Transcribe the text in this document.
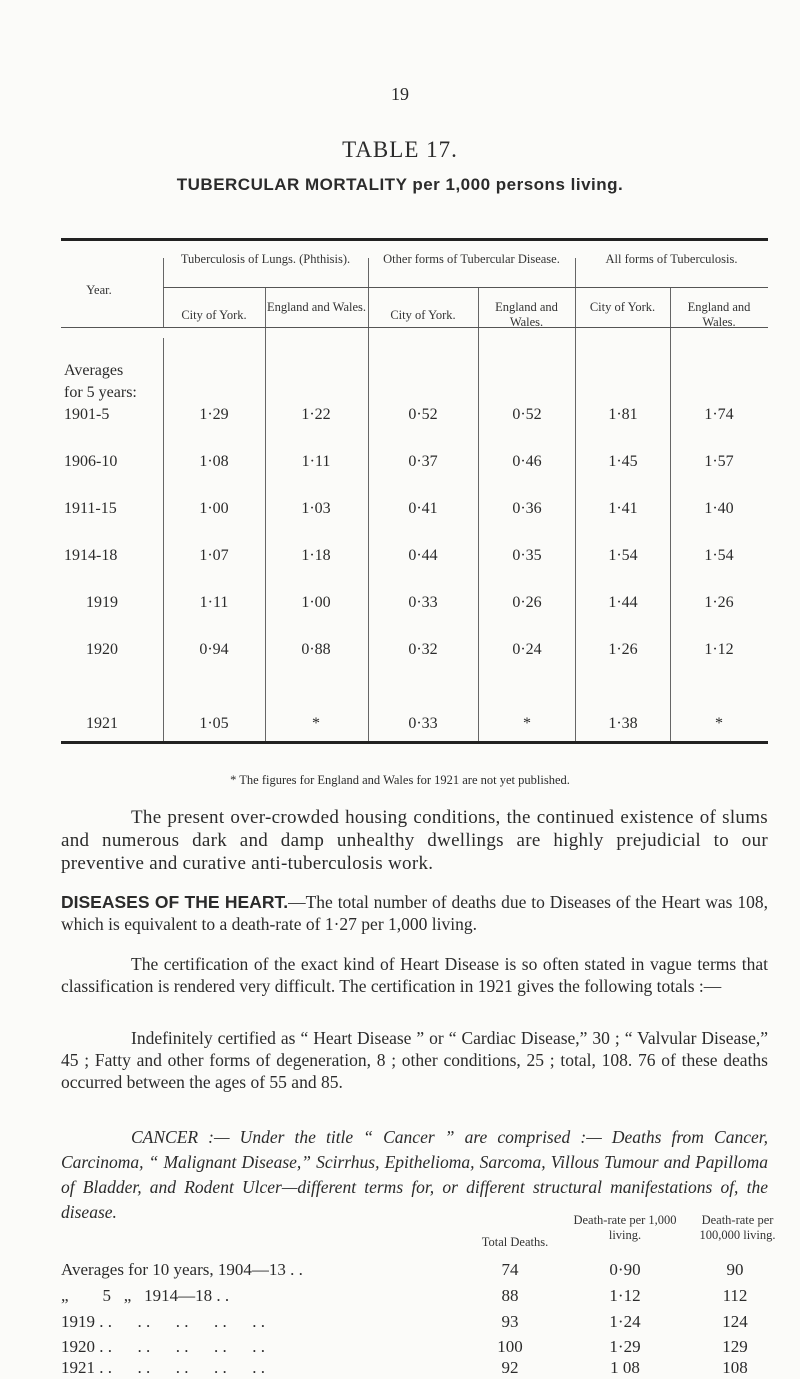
19
TABLE 17.
TUBERCULAR MORTALITY per 1,000 persons living.
Year.
Tuberculosis of Lungs. (Phthisis).	Other forms of Tubercular Disease.	All forms of Tuberculosis.
City of York.
England and Wales.
City of York.
England and Wales.
City of York.	England and Wales.
Averages
for 5 years:
1901-5	1·29	1·22	0·52	0·52	1·81	1·74
1906-10	1·08	1·11	0·37	0·46	1·45	1·57
1911-15	1·00	1·03	0·41	0·36	1·41	1·40
1914-18	1·07	1·18	0·44	0·35	1·54	1·54
1919	1·11	1·00	0·33	0·26	1·44	1·26
1920	0·94	0·88	0·32	0·24	1·26	1·12
1921	1·05	*	0·33	*	1·38	*
* The figures for England and Wales for 1921 are not yet published.

The present over-crowded housing conditions, the continued existence of slums and numerous dark and damp unhealthy dwellings are highly prejudicial to our preventive and curative anti-tuberculosis work.

DISEASES OF THE HEART.—The total number of deaths due to Diseases of the Heart was 108, which is equivalent to a death-rate of 1·27 per 1,000 living.

The certification of the exact kind of Heart Disease is so often stated in vague terms that classification is rendered very difficult. The certification in 1921 gives the following totals :—

Indefinitely certified as “ Heart Disease ” or “ Cardiac Disease,” 30 ; “ Valvular Disease,” 45 ; Fatty and other forms of degeneration, 8 ; other conditions, 25 ; total, 108. 76 of these deaths occurred between the ages of 55 and 85.

CANCER :— Under the title “ Cancer ” are comprised :— Deaths from Cancer, Carcinoma, “ Malignant Disease,” Scirrhus, Epithelioma, Sarcoma, Villous Tumour and Papilloma of Bladder, and Rodent Ulcer—different terms for, or different structural manifestations of, the disease.

Total Deaths.
Death-rate per 1,000 living.
Death-rate per 100,000 living.
Averages for 10 years, 1904—13 . .	74	0·90	90
„        5   „   1914—18 . .	88	1·12	112
1919 . .      . .      . .      . .      . .	93	1·24	124
1920 . .      . .      . .      . .      . .	100	1·29	129
1921 . .      . .      . .      . .      . .	92	1 08	108
